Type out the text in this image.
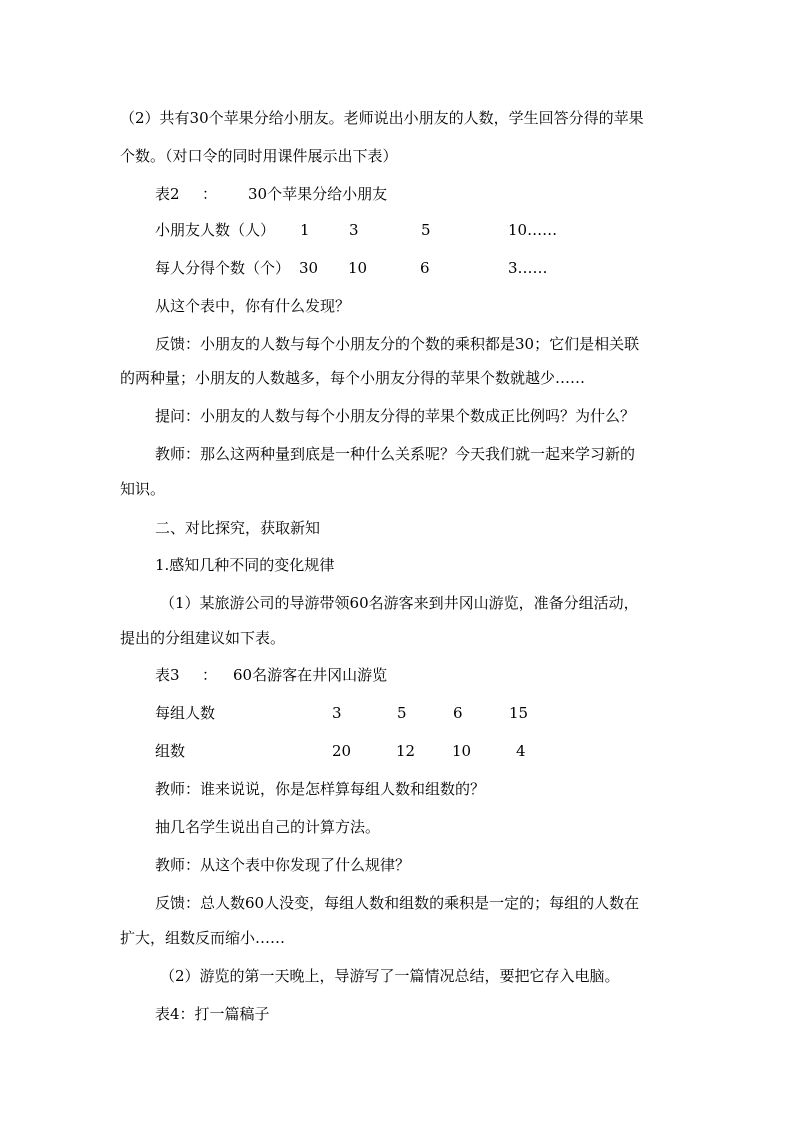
（2）共有30个苹果分给小朋友。老师说出小朋友的人数，学生回答分得的苹果
个数。（对口令的同时用课件展示出下表）
表2 ： 30个苹果分给小朋友
小朋友人数（人） 1	3	5	10……
每人分得个数（个） 30 10	6	3……
从这个表中，你有什么发现？
反馈：小朋友的人数与每个小朋友分的个数的乘积都是30；它们是相关联
的两种量；小朋友的人数越多，每个小朋友分得的苹果个数就越少……
提问：小朋友的人数与每个小朋友分得的苹果个数成正比例吗？为什么？
教师：那么这两种量到底是一种什么关系呢？今天我们就一起来学习新的
知识。
二、对比探究，获取新知
1.感知几种不同的变化规律
（1）某旅游公司的导游带领60名游客来到井冈山游览，准备分组活动，
提出的分组建议如下表。
表3 ： 60名游客在井冈山游览
每组人数	3	5	6	15
组数	20	12 10	4
教师：谁来说说，你是怎样算每组人数和组数的？
抽几名学生说出自己的计算方法。
教师：从这个表中你发现了什么规律？
反馈：总人数60人没变，每组人数和组数的乘积是一定的；每组的人数在
扩大，组数反而缩小……
（2）游览的第一天晚上，导游写了一篇情况总结，要把它存入电脑。
表4：打一篇稿子
